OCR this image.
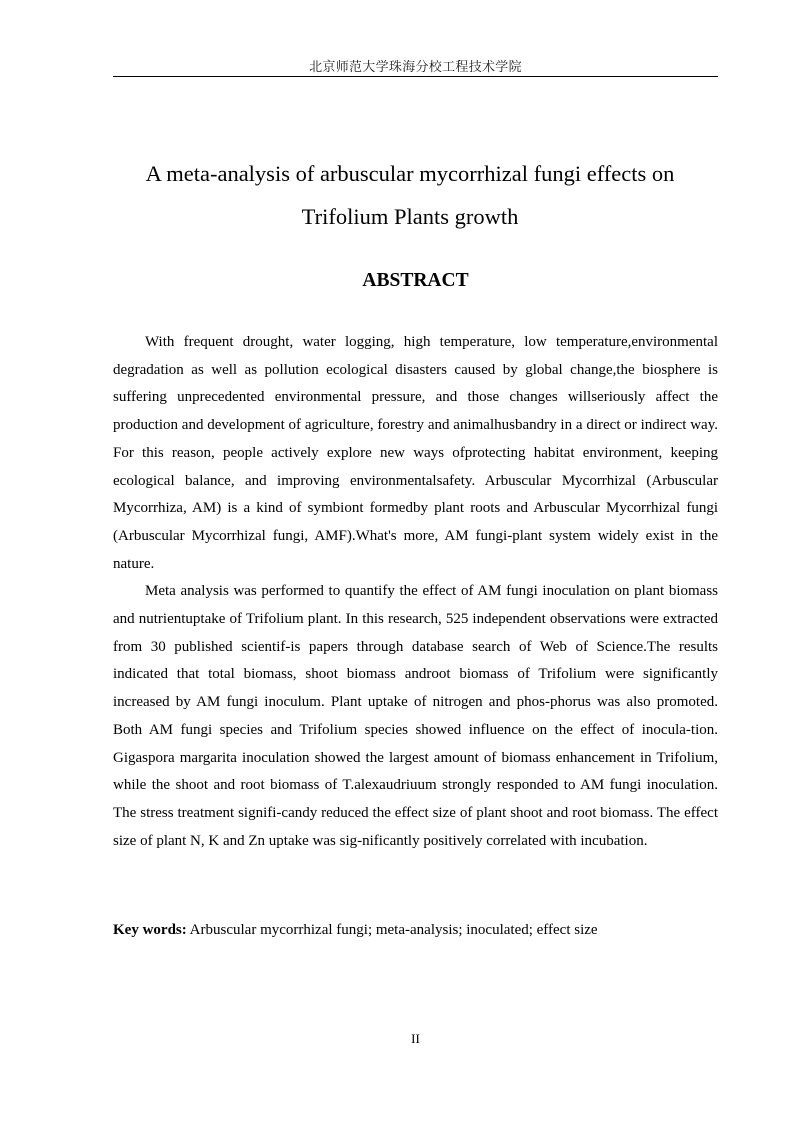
北京师范大学珠海分校工程技术学院
A meta-analysis of arbuscular mycorrhizal fungi effects on
Trifolium Plants growth
ABSTRACT

With frequent drought, water logging, high temperature, low temperature,environmental degradation as well as pollution ecological disasters caused by global change,the biosphere is suffering unprecedented environmental pressure, and those changes willseriously affect the production and development of agriculture, forestry and animalhusbandry in a direct or indirect way. For this reason, people actively explore new ways ofprotecting habitat environment, keeping ecological balance, and improving environmentalsafety. Arbuscular Mycorrhizal (Arbuscular Mycorrhiza, AM) is a kind of symbiont formedby plant roots and Arbuscular Mycorrhizal fungi (Arbuscular Mycorrhizal fungi, AMF).What's more, AM fungi-plant system widely exist in the nature.

Meta analysis was performed to quantify the effect of AM fungi inoculation on plant biomass and nutrientuptake of Trifolium plant. In this research, 525 independent observations were extracted from 30 published scientif-is papers through database search of Web of Science.The results indicated that total biomass, shoot biomass androot biomass of Trifolium were significantly increased by AM fungi inoculum. Plant uptake of nitrogen and phos-phorus was also promoted. Both AM fungi species and Trifolium species showed influence on the effect of inocula-tion. Gigaspora margarita inoculation showed the largest amount of biomass enhancement in Trifolium, while the shoot and root biomass of T.alexaudriuum strongly responded to AM fungi inoculation. The stress treatment signifi-candy reduced the effect size of plant shoot and root biomass. The effect size of plant N, K and Zn uptake was sig-nificantly positively correlated with incubation.

Key words: Arbuscular mycorrhizal fungi; meta-analysis; inoculated; effect size
II
